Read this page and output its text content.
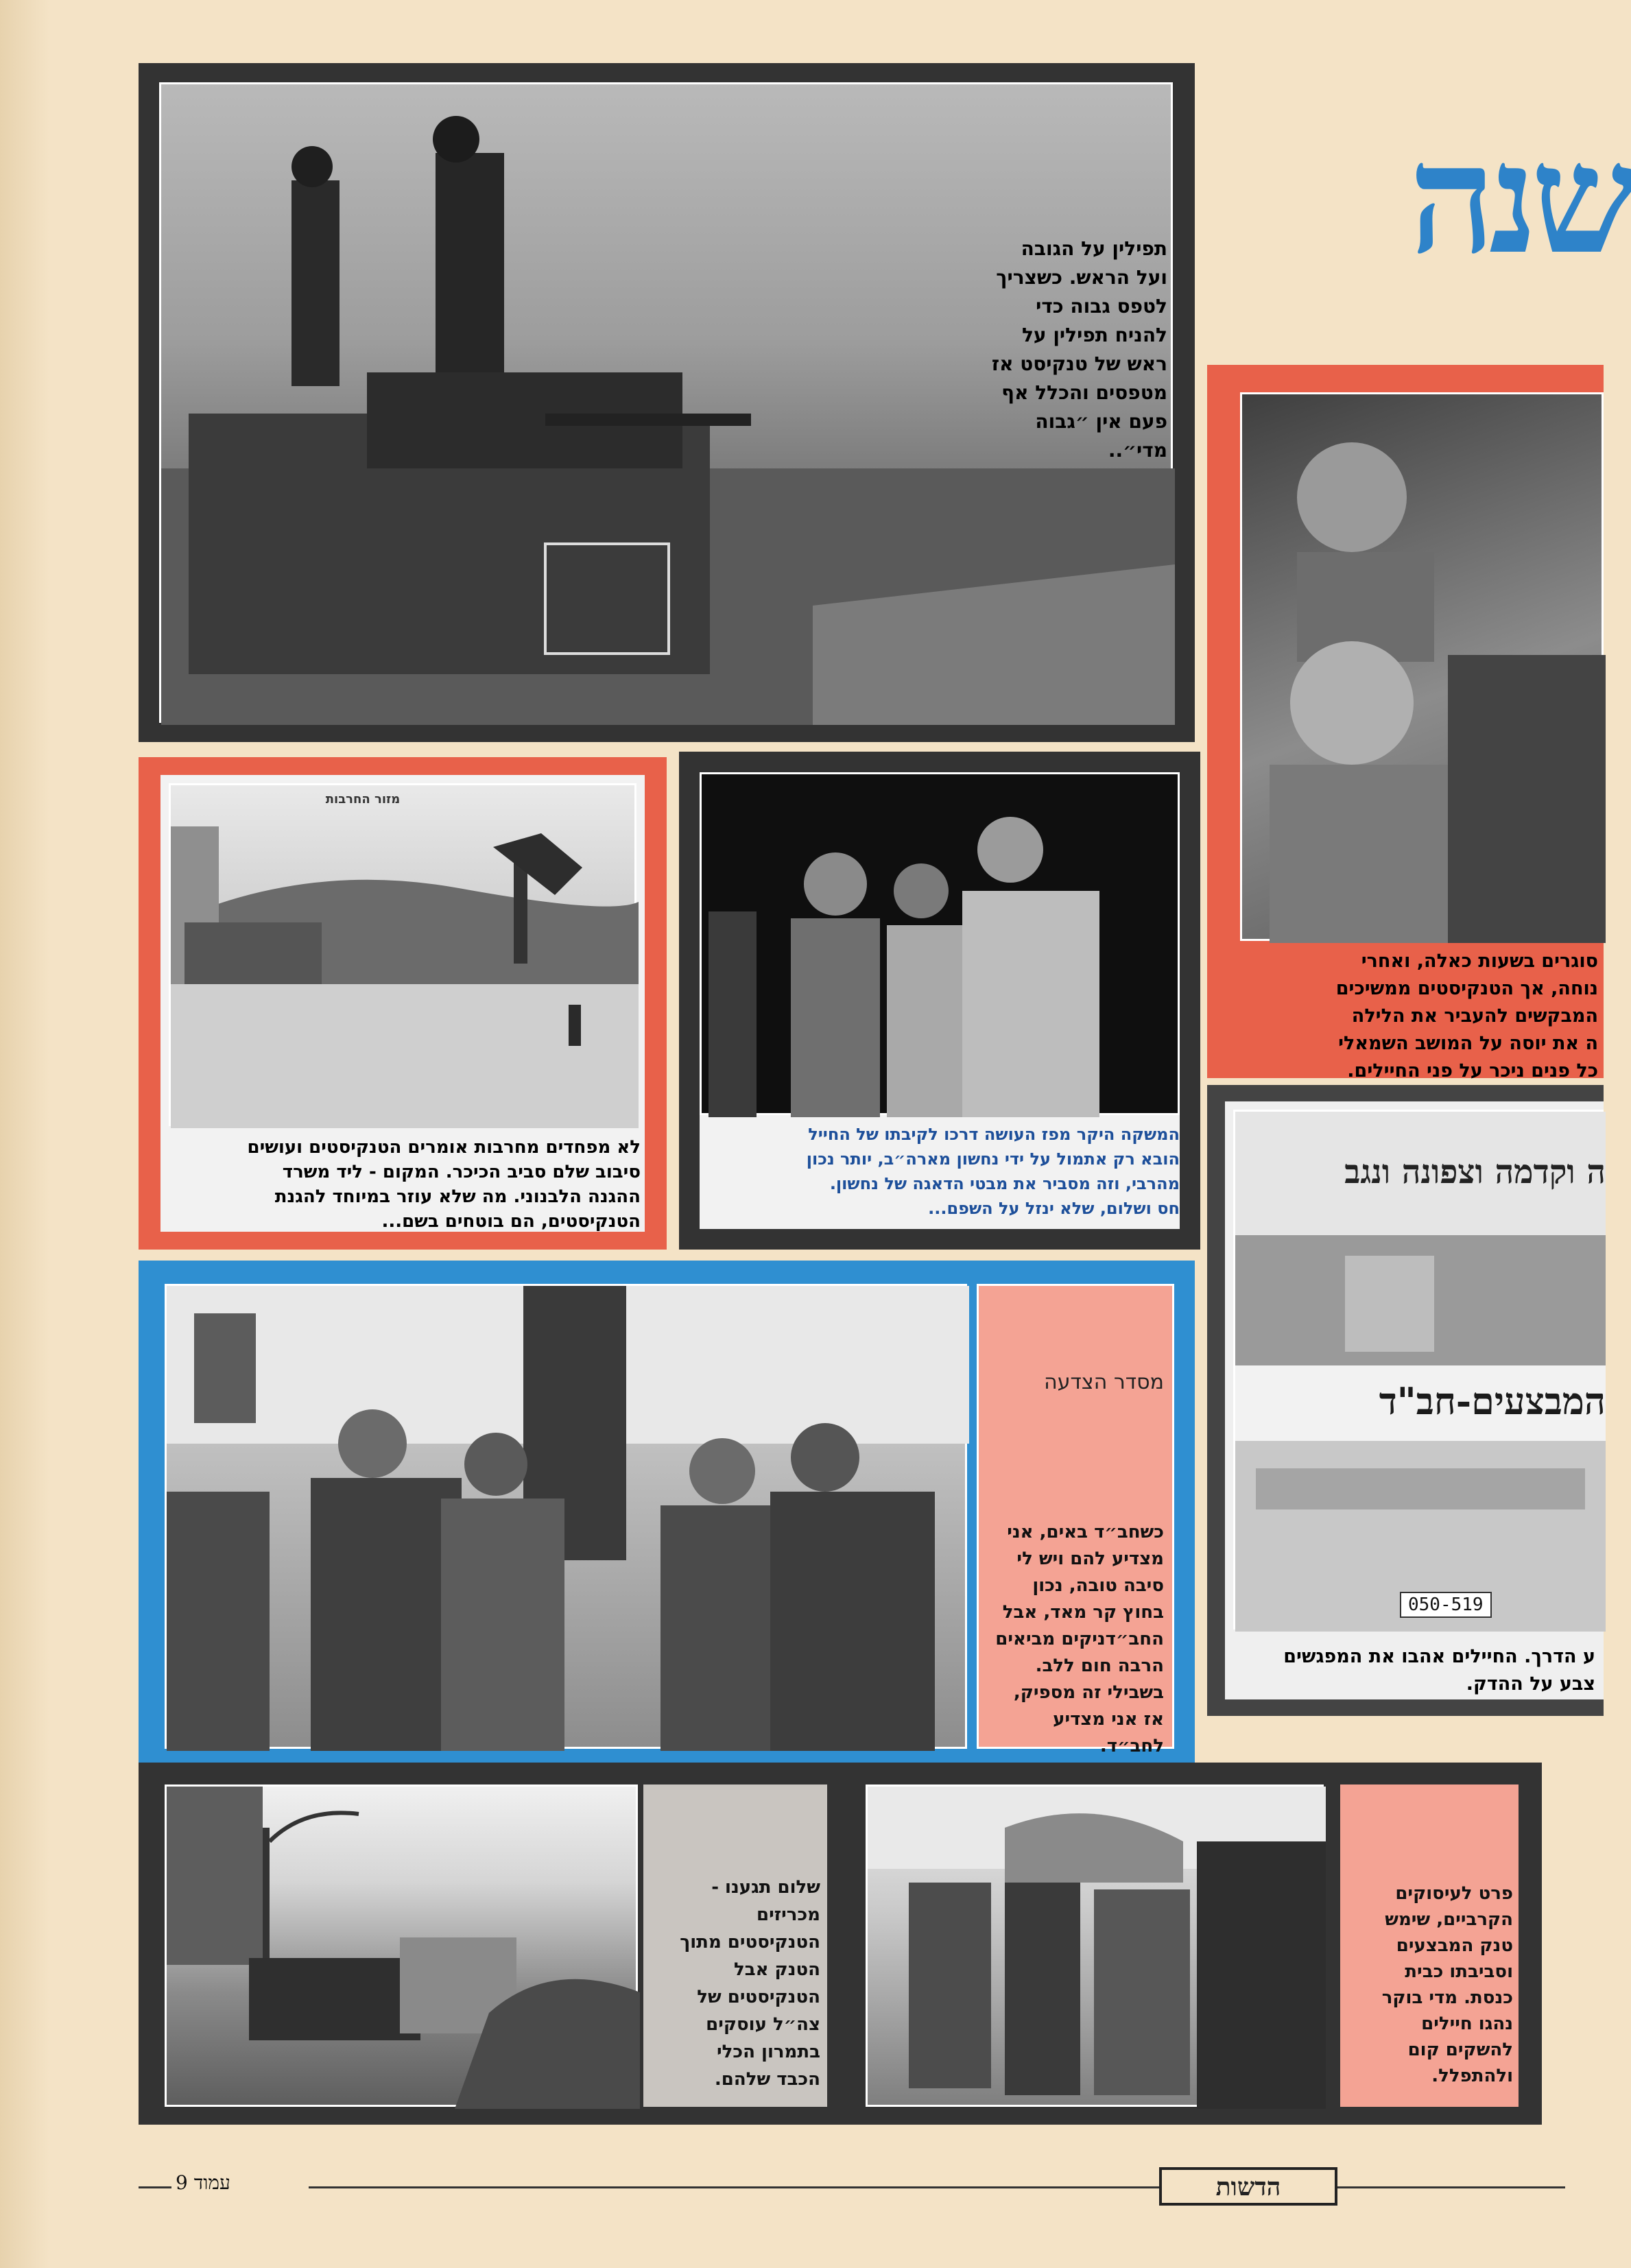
תפילין על הגובה
ועל הראש. כשצריך
לטפס גבוה כדי
להניח תפילין על
ראש של טנקיסט אז
מטפסים והכלל אף
פעם אין ״גבוה
מדי״..
שנה
סוגרים בשעות כאלה, ואחרי
נוחה, אך הטנקיסטים ממשיכים
המבקשים להעביר את הלילה
ה את יוסה על המושב השמאלי
כל פנים ניכר על פני החיילים.
ה וקדמה וצפונה ונגב
המבצעים-חב"ד
050-519
ע הדרך. החיילים אהבו את המפגשים
צבע על ההדק.
מזור החרבות
לא מפחדים מחרבות אומרים הטנקיסטים ועושים
סיבוב שלם סביב הכיכר. המקום - ליד משרד
ההגנה הלבנוני. מה שלא עוזר במיוחד להגנת
הטנקיסטים, הם בוטחים בשם...
המשקה היקר מפז העושה דרכו לקיבתו של החייל
הובא רק אתמול על ידי נחשון מארה״ב, יותר נכון
מהרבי, וזה מסביר את מבטי הדאגה של נחשון.
חס ושלום, שלא ינזל על השפם...
מסדר הצדעה
כשחב״ד באים, אני
מצדיע להם ויש לי
סיבה טובה, נכון
בחוץ קר מאד, אבל
החב״דניקים מביאים
הרבה חום ללב.
בשבילי זה מספיק,
אז אני מצדיע
לחב״ד.
שלום תגענו -
מכריזים
הטנקיסטים מתוך
הטנק אבל
הטנקיסטים של
צה״ל עוסקים
בתמרון הכלי
הכבד שלהם.
פרט לעיסוקים
הקרביים, שימש
טנק המבצעים
וסביבתו כבית
כנסת. מדי בוקר
נהגו חיילים
להשקים קום
ולהתפלל.
עמוד 9	הדשות
